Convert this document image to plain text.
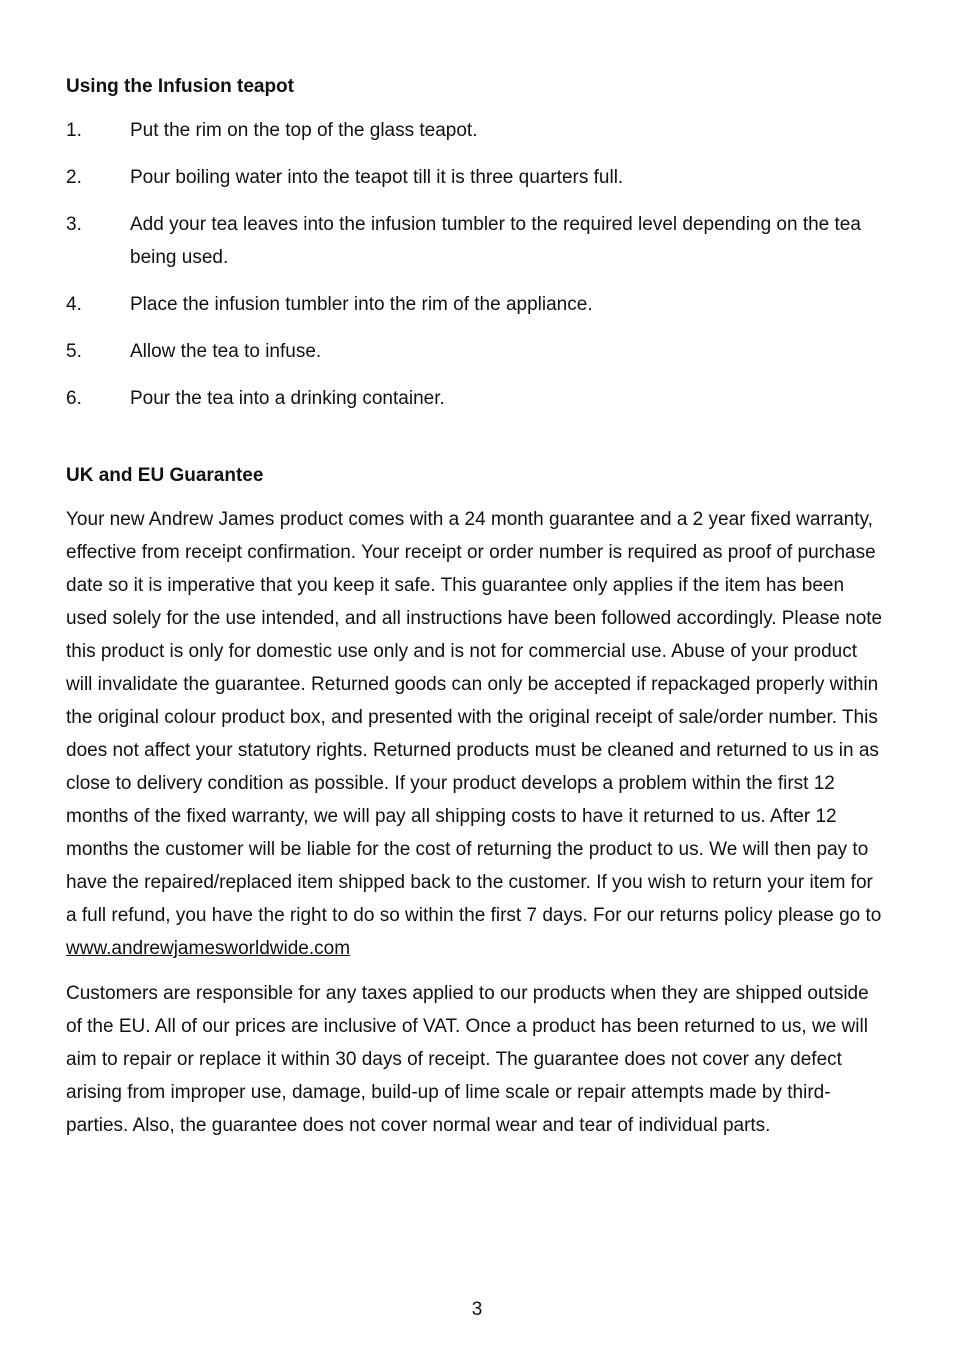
Using the Infusion teapot
1.	Put the rim on the top of the glass teapot.
2.	Pour boiling water into the teapot till it is three quarters full.
3.	Add your tea leaves into the infusion tumbler to the required level depending on the tea being used.
4.	Place the infusion tumbler into the rim of the appliance.
5.	Allow the tea to infuse.
6.	Pour the tea into a drinking container.
UK and EU Guarantee

Your new Andrew James product comes with a 24 month guarantee and a 2 year fixed warranty, effective from receipt confirmation. Your receipt or order number is required as proof of purchase date so it is imperative that you keep it safe. This guarantee only applies if the item has been used solely for the use intended, and all instructions have been followed accordingly. Please note this product is only for domestic use only and is not for commercial use. Abuse of your product will invalidate the guarantee. Returned goods can only be accepted if repackaged properly within the original colour product box, and presented with the original receipt of sale/order number. This does not affect your statutory rights. Returned products must be cleaned and returned to us in as close to delivery condition as possible. If your product develops a problem within the first 12 months of the fixed warranty, we will pay all shipping costs to have it returned to us. After 12 months the customer will be liable for the cost of returning the product to us. We will then pay to have the repaired/replaced item shipped back to the customer. If you wish to return your item for a full refund, you have the right to do so within the first 7 days. For our returns policy please go to www.andrewjamesworldwide.com

Customers are responsible for any taxes applied to our products when they are shipped outside of the EU. All of our prices are inclusive of VAT. Once a product has been returned to us, we will aim to repair or replace it within 30 days of receipt. The guarantee does not cover any defect arising from improper use, damage, build-up of lime scale or repair attempts made by third-parties. Also, the guarantee does not cover normal wear and tear of individual parts.

3
